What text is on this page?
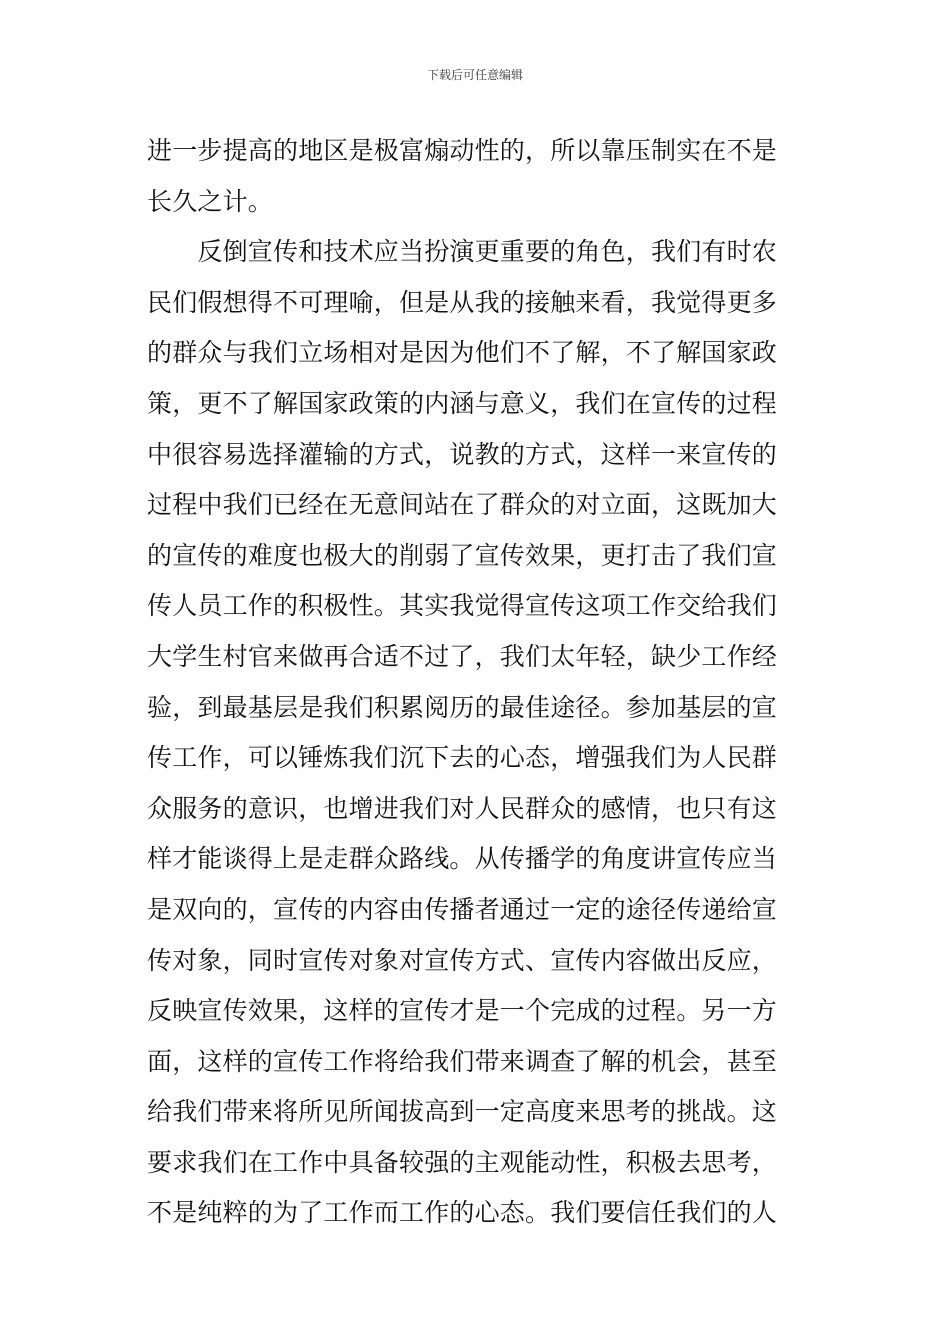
下载后可任意编辑
进一步提高的地区是极富煽动性的，所以靠压制实在不是
长久之计。
　　反倒宣传和技术应当扮演更重要的角色，我们有时农
民们假想得不可理喻，但是从我的接触来看，我觉得更多
的群众与我们立场相对是因为他们不了解，不了解国家政
策，更不了解国家政策的内涵与意义，我们在宣传的过程
中很容易选择灌输的方式，说教的方式，这样一来宣传的
过程中我们已经在无意间站在了群众的对立面，这既加大
的宣传的难度也极大的削弱了宣传效果，更打击了我们宣
传人员工作的积极性。其实我觉得宣传这项工作交给我们
大学生村官来做再合适不过了，我们太年轻，缺少工作经
验，到最基层是我们积累阅历的最佳途径。参加基层的宣
传工作，可以锤炼我们沉下去的心态，增强我们为人民群
众服务的意识，也增进我们对人民群众的感情，也只有这
样才能谈得上是走群众路线。从传播学的角度讲宣传应当
是双向的，宣传的内容由传播者通过一定的途径传递给宣
传对象，同时宣传对象对宣传方式、宣传内容做出反应，
反映宣传效果，这样的宣传才是一个完成的过程。另一方
面，这样的宣传工作将给我们带来调查了解的机会，甚至
给我们带来将所见所闻拔高到一定高度来思考的挑战。这
要求我们在工作中具备较强的主观能动性，积极去思考，
不是纯粹的为了工作而工作的心态。我们要信任我们的人
